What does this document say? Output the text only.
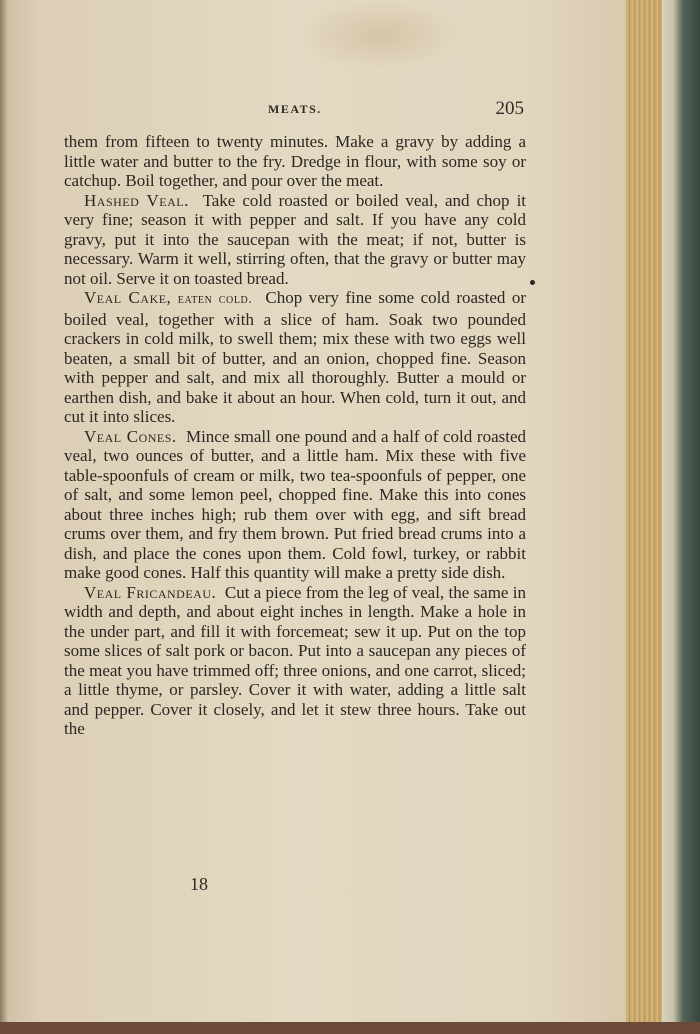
MEATS.	205

them from fifteen to twenty minutes. Make a gravy by adding a little water and butter to the fry. Dredge in flour, with some soy or catchup. Boil together, and pour over the meat.

Hashed Veal. Take cold roasted or boiled veal, and chop it very fine; season it with pepper and salt. If you have any cold gravy, put it into the saucepan with the meat; if not, butter is necessary. Warm it well, stirring often, that the gravy or butter may not oil. Serve it on toasted bread.

Veal Cake, eaten cold. Chop very fine some cold roasted or boiled veal, together with a slice of ham. Soak two pounded crackers in cold milk, to swell them; mix these with two eggs well beaten, a small bit of butter, and an onion, chopped fine. Season with pepper and salt, and mix all thoroughly. Butter a mould or earthen dish, and bake it about an hour. When cold, turn it out, and cut it into slices.

Veal Cones. Mince small one pound and a half of cold roasted veal, two ounces of butter, and a little ham. Mix these with five table-spoonfuls of cream or milk, two tea-spoonfuls of pepper, one of salt, and some lemon peel, chopped fine. Make this into cones about three inches high; rub them over with egg, and sift bread crums over them, and fry them brown. Put fried bread crums into a dish, and place the cones upon them. Cold fowl, turkey, or rabbit make good cones. Half this quantity will make a pretty side dish.

Veal Fricandeau. Cut a piece from the leg of veal, the same in width and depth, and about eight inches in length. Make a hole in the under part, and fill it with forcemeat; sew it up. Put on the top some slices of salt pork or bacon. Put into a saucepan any pieces of the meat you have trimmed off; three onions, and one carrot, sliced; a little thyme, or parsley. Cover it with water, adding a little salt and pepper. Cover it closely, and let it stew three hours. Take out the

18
